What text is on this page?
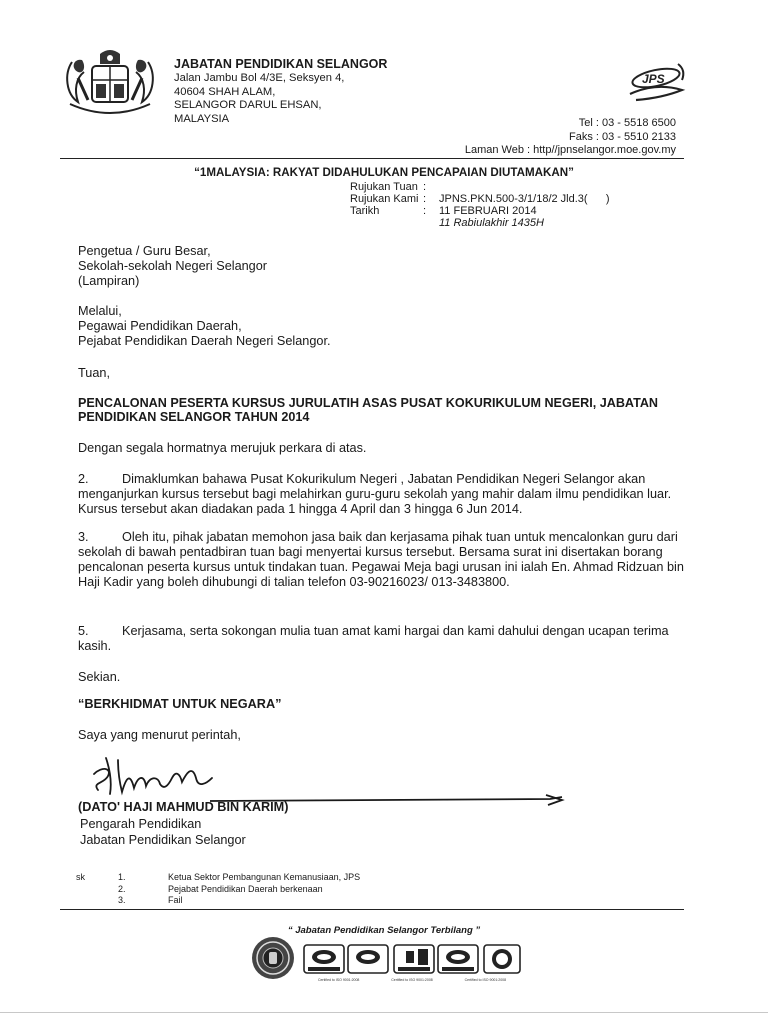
JABATAN PENDIDIKAN SELANGOR
Jalan Jambu Bol 4/3E, Seksyen 4,
40604 SHAH ALAM,
SELANGOR DARUL EHSAN,
MALAYSIA
JPS
Tel : 03 - 5518 6500
Faks : 03 - 5510 2133
Laman Web : http//jpnselangor.moe.gov.my
“1MALAYSIA: RAKYAT DIDAHULUKAN PENCAPAIAN DIUTAMAKAN”
Rujukan Tuan :
Rujukan Kami :	JPNS.PKN.500-3/1/18/2 Jld.3(      )
Tarikh	:	11 FEBRUARI 2014
11 Rabiulakhir 1435H
Pengetua / Guru Besar,
Sekolah-sekolah Negeri Selangor
(Lampiran)
Melalui,
Pegawai Pendidikan Daerah,
Pejabat Pendidikan Daerah Negeri Selangor.
Tuan,
PENCALONAN PESERTA KURSUS JURULATIH ASAS PUSAT KOKURIKULUM NEGERI, JABATAN PENDIDIKAN SELANGOR TAHUN 2014
Dengan segala hormatnya merujuk perkara di atas.
2.	Dimaklumkan bahawa Pusat Kokurikulum Negeri , Jabatan Pendidikan Negeri Selangor akan menganjurkan kursus tersebut bagi melahirkan guru-guru sekolah yang mahir dalam ilmu pendidikan luar. Kursus tersebut akan diadakan pada 1 hingga 4 April dan 3 hingga 6 Jun 2014.
3.	Oleh itu, pihak jabatan memohon jasa baik dan kerjasama pihak tuan untuk mencalonkan guru dari sekolah di bawah pentadbiran tuan bagi menyertai kursus tersebut. Bersama surat ini disertakan borang pencalonan peserta kursus untuk tindakan tuan. Pegawai Meja bagi urusan ini ialah En. Ahmad Ridzuan bin Haji Kadir yang boleh dihubungi di talian telefon 03-90216023/ 013-3483800.
5.	Kerjasama, serta sokongan mulia tuan amat kami hargai dan kami dahului dengan ucapan terima kasih.
Sekian.
“BERKHIDMAT UNTUK NEGARA”
Saya yang menurut perintah,
(DATO' HAJI MAHMUD BIN KARIM)
Pengarah Pendidikan
Jabatan Pendidikan Selangor
sk	1.	Ketua Sektor Pembangunan Kemanusiaan, JPS
2.	Pejabat Pendidikan Daerah berkenaan
3.	Fail
“ Jabatan Pendidikan Selangor Terbilang ”
Certified to ISO 9001:2008	Certified to ISO 9001:2008	Certified to ISO 9001:2008
